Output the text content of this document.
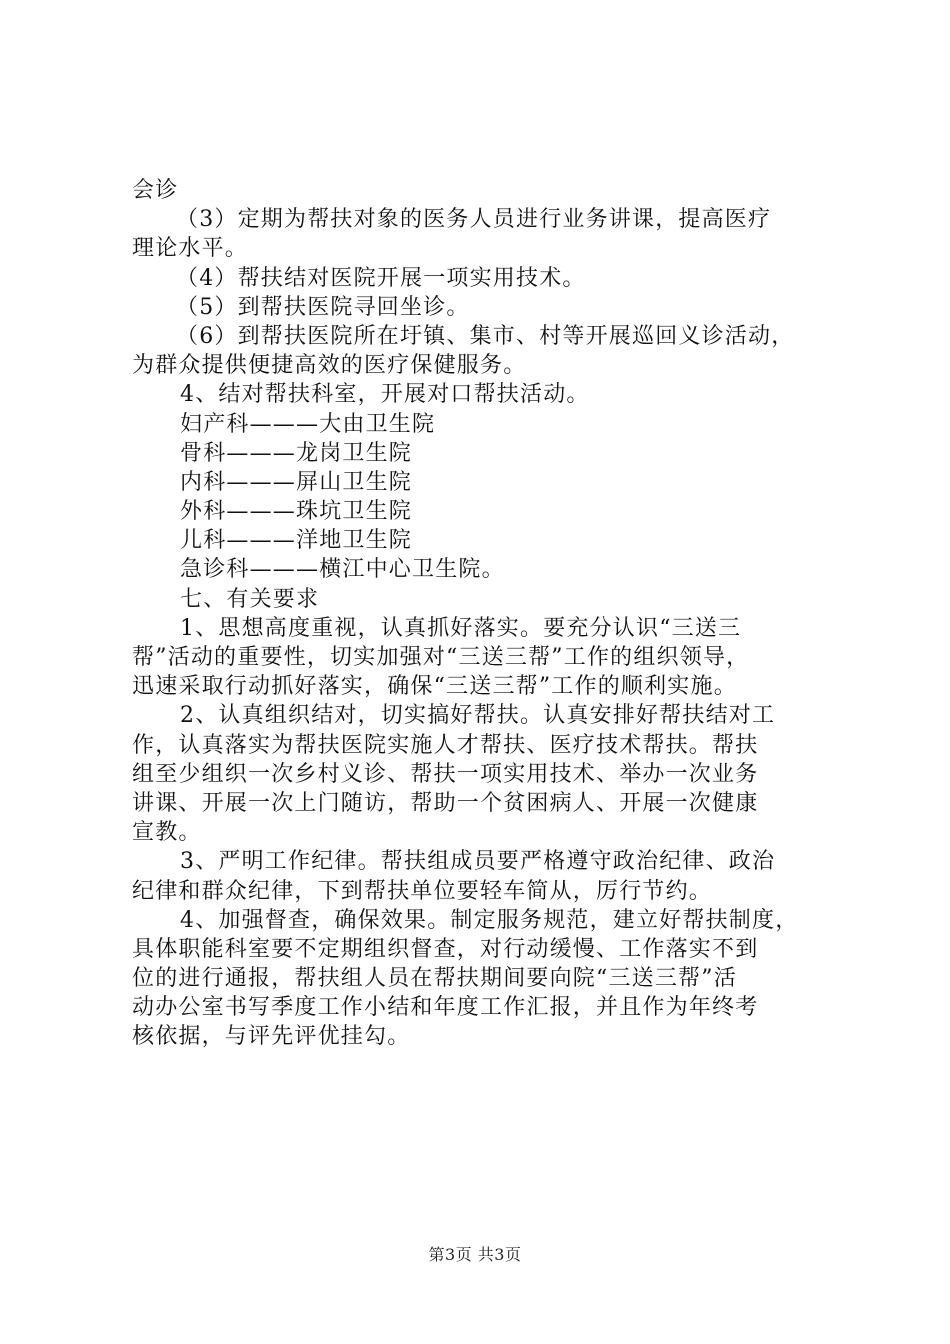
会诊
（3）定期为帮扶对象的医务人员进行业务讲课，提高医疗
理论水平。
（4）帮扶结对医院开展一项实用技术。
（5）到帮扶医院寻回坐诊。
（6）到帮扶医院所在圩镇、集市、村等开展巡回义诊活动，
为群众提供便捷高效的医疗保健服务。
4、结对帮扶科室，开展对口帮扶活动。
妇产科———大由卫生院
骨科———龙岗卫生院
内科———屏山卫生院
外科———珠坑卫生院
儿科———洋地卫生院
急诊科———横江中心卫生院。
七、有关要求
1、思想高度重视，认真抓好落实。要充分认识“三送三
帮”活动的重要性，切实加强对“三送三帮”工作的组织领导，
迅速采取行动抓好落实，确保“三送三帮”工作的顺利实施。
2、认真组织结对，切实搞好帮扶。认真安排好帮扶结对工
作，认真落实为帮扶医院实施人才帮扶、医疗技术帮扶。帮扶
组至少组织一次乡村义诊、帮扶一项实用技术、举办一次业务
讲课、开展一次上门随访，帮助一个贫困病人、开展一次健康
宣教。
3、严明工作纪律。帮扶组成员要严格遵守政治纪律、政治
纪律和群众纪律，下到帮扶单位要轻车简从，厉行节约。
4、加强督查，确保效果。制定服务规范，建立好帮扶制度，
具体职能科室要不定期组织督查，对行动缓慢、工作落实不到
位的进行通报，帮扶组人员在帮扶期间要向院“三送三帮”活
动办公室书写季度工作小结和年度工作汇报，并且作为年终考
核依据，与评先评优挂勾。
第3页 共3页
